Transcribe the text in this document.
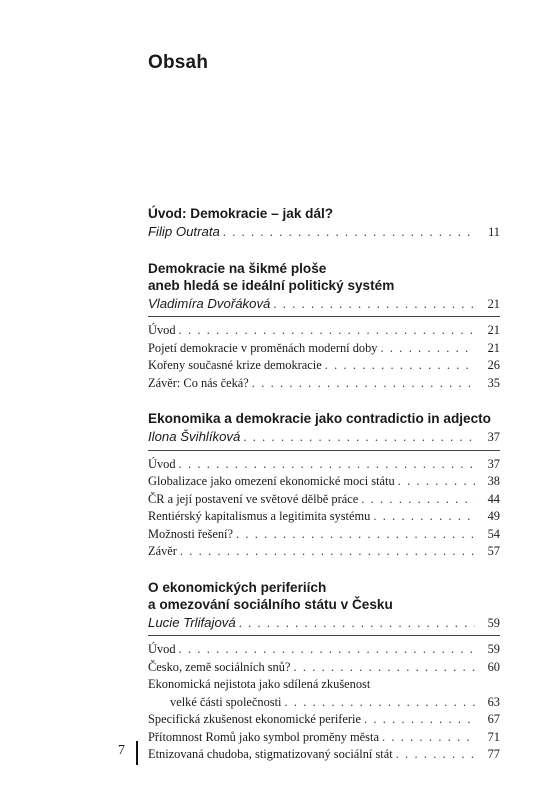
Obsah
Úvod: Demokracie – jak dál?
Filip Outrata . . .	11
Demokracie na šikmé ploše
aneb hledá se ideální politický systém
Vladimíra Dvořáková . . .	21
Úvod . . .	21
Pojetí demokracie v proměnách moderní doby . . .	21
Kořeny současné krize demokracie . . .	26
Závěr: Co nás čeká? . . .	35
Ekonomika a demokracie jako contradictio in adjecto
Ilona Švihlíková . . .	37
Úvod . . .	37
Globalizace jako omezení ekonomické moci státu . . .	38
ČR a její postavení ve světové dělbě práce . . .	44
Rentiérský kapitalismus a legitimita systému . . .	49
Možnosti řešení? . . .	54
Závěr . . .	57
O ekonomických periferiích
a omezování sociálního státu v Česku
Lucie Trlifajová . . .	59
Úvod . . .	59
Česko, země sociálních snů? . . .	60
Ekonomická nejistota jako sdílená zkušenost
velké části společnosti . . .	63
Specifická zkušenost ekonomické periferie . . .	67
Přítomnost Romů jako symbol proměny města . . .	71
Etnizovaná chudoba, stigmatizovaný sociální stát . . .	77
7
